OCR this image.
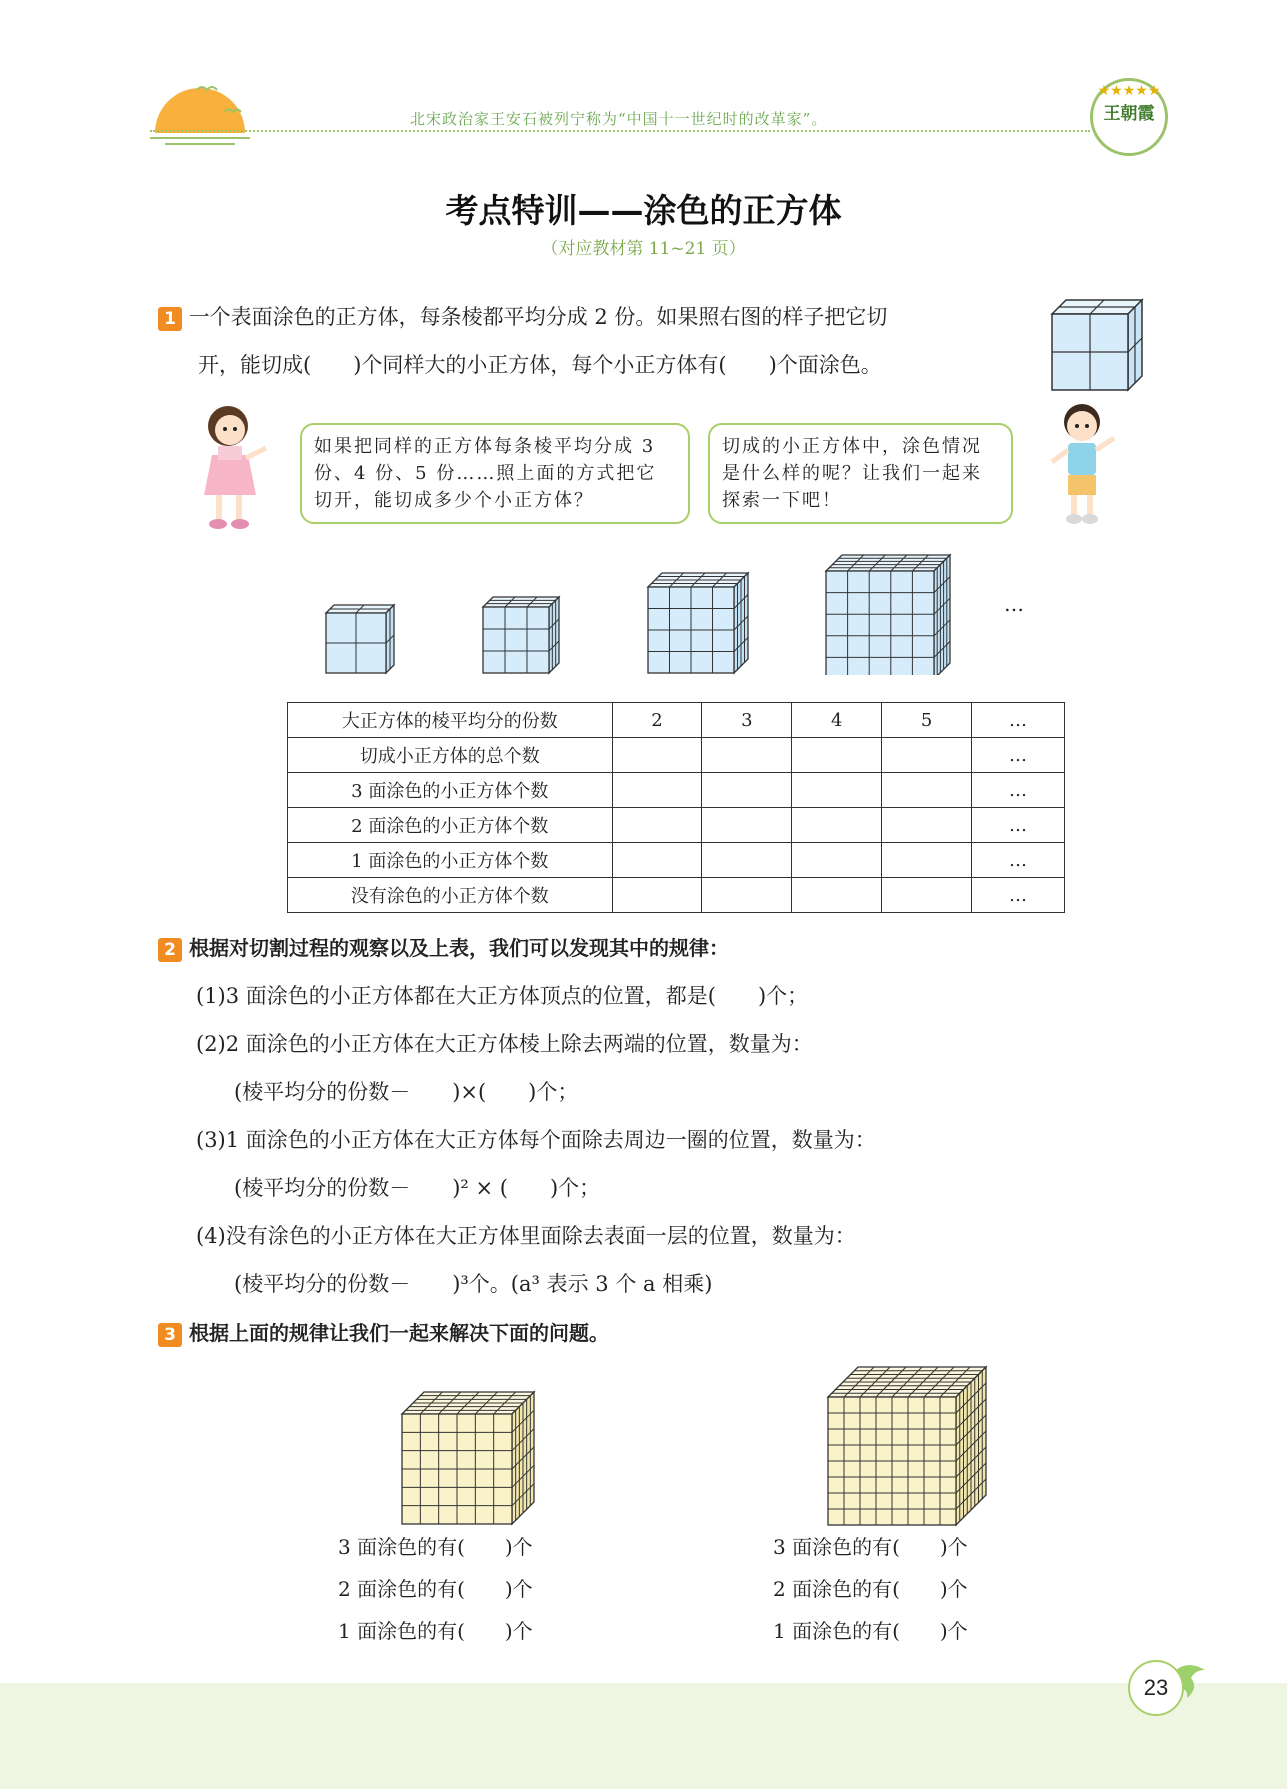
北宋政治家王安石被列宁称为“中国十一世纪时的改革家”。
★★★★★
王朝霞
考点特训——涂色的正方体
（对应教材第 11~21 页）
1 一个表面涂色的正方体，每条棱都平均分成 2 份。如果照右图的样子把它切
开，能切成(　　)个同样大的小正方体，每个小正方体有(　　)个面涂色。
如果把同样的正方体每条棱平均分成 3 份、4 份、5 份……照上面的方式把它切开，能切成多少个小正方体？
切成的小正方体中，涂色情况是什么样的呢？让我们一起来探索一下吧！
…
大正方体的棱平均分的份数	2	3	4	5	…
切成小正方体的总个数					…
3 面涂色的小正方体个数					…
2 面涂色的小正方体个数					…
1 面涂色的小正方体个数					…
没有涂色的小正方体个数					…
2 根据对切割过程的观察以及上表，我们可以发现其中的规律：
(1)3 面涂色的小正方体都在大正方体顶点的位置，都是(　　)个；
(2)2 面涂色的小正方体在大正方体棱上除去两端的位置，数量为：
(棱平均分的份数－　　)×(　　)个；
(3)1 面涂色的小正方体在大正方体每个面除去周边一圈的位置，数量为：
(棱平均分的份数－　　)² × (　　)个；
(4)没有涂色的小正方体在大正方体里面除去表面一层的位置，数量为：
(棱平均分的份数－　　)³个。(a³ 表示 3 个 a 相乘)
3 根据上面的规律让我们一起来解决下面的问题。
3 面涂色的有(　　)个
2 面涂色的有(　　)个
1 面涂色的有(　　)个
3 面涂色的有(　　)个
2 面涂色的有(　　)个
1 面涂色的有(　　)个
23
